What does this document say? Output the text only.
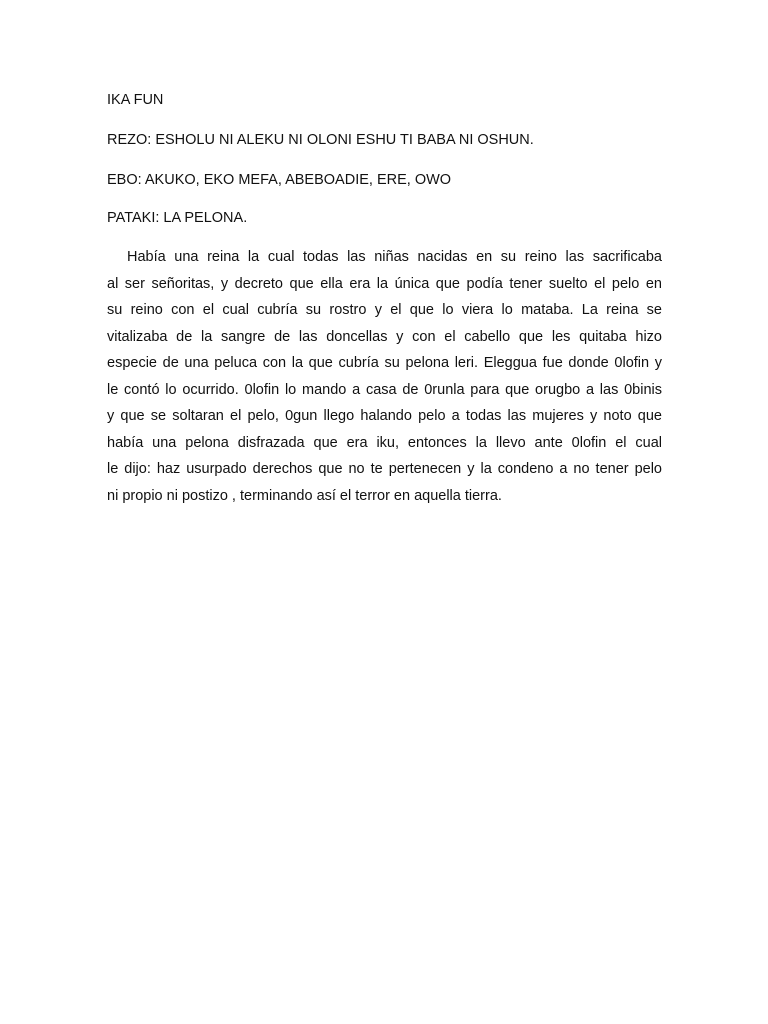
IKA FUN
REZO: ESHOLU NI ALEKU NI OLONI ESHU TI BABA NI OSHUN.
EBO: AKUKO, EKO MEFA, ABEBOADIE, ERE, OWO
PATAKI: LA PELONA.
Había una reina la cual todas las niñas nacidas en su reino las sacrificaba
al ser señoritas, y decreto que ella era la única que podía tener suelto el pelo en
su reino con el cual cubría su rostro y el que lo viera lo mataba. La reina se
vitalizaba de la sangre de las doncellas y con el cabello que les quitaba hizo
especie de una peluca con la que cubría su pelona leri. Eleggua fue donde 0lofin y
le contó lo ocurrido. 0lofin lo mando a casa de 0runla para que orugbo a las 0binis
y que se soltaran el pelo, 0gun llego halando pelo a todas las mujeres y noto que
había una pelona disfrazada que era iku, entonces la llevo ante 0lofin el cual
le dijo: haz usurpado derechos que no te pertenecen y la condeno a no tener pelo
ni propio ni postizo , terminando así el terror en aquella tierra.
